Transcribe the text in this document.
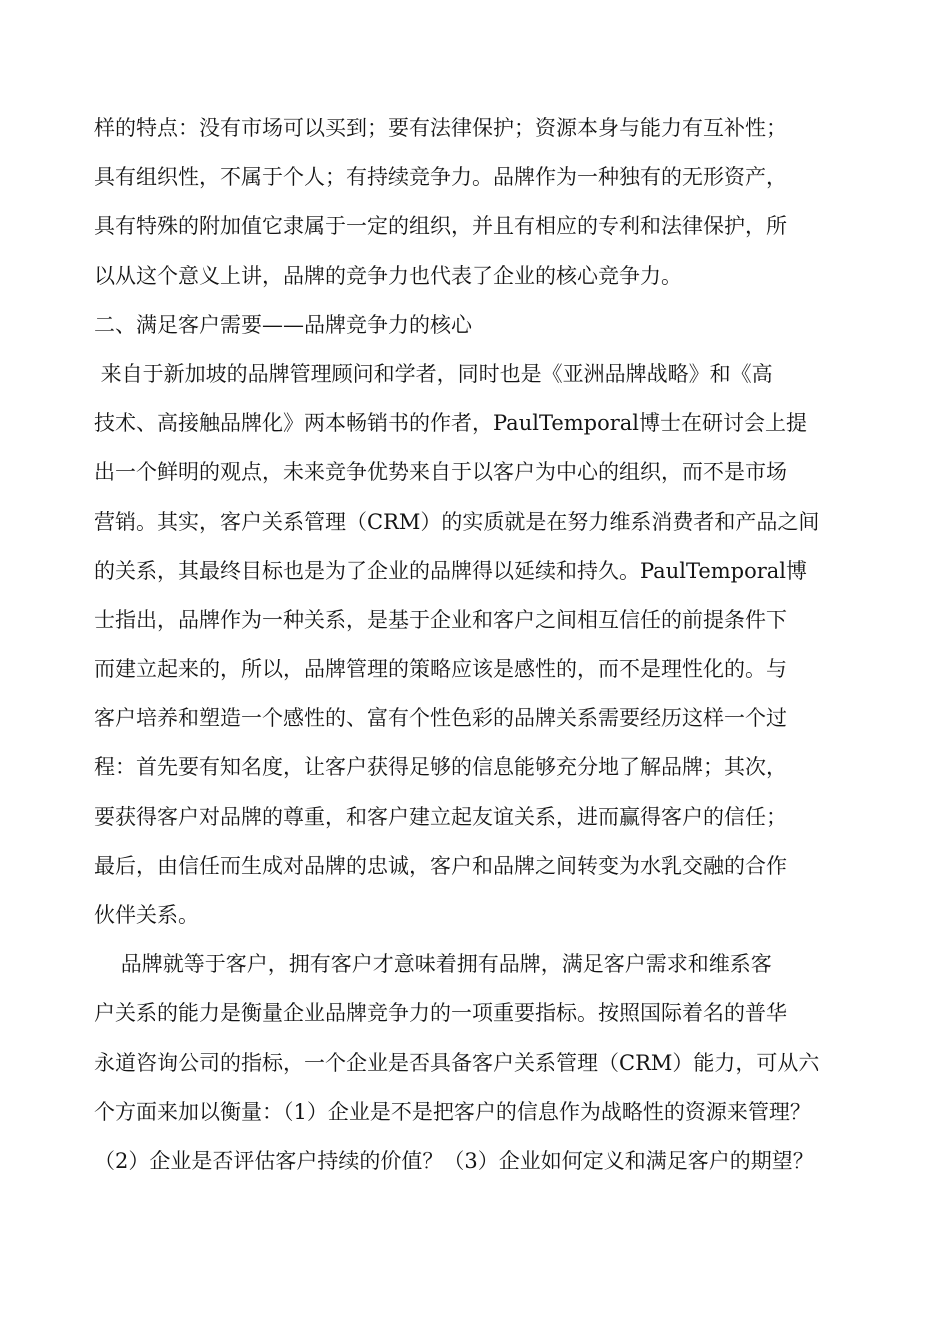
样的特点：没有市场可以买到；要有法律保护；资源本身与能力有互补性；
具有组织性，不属于个人；有持续竞争力。品牌作为一种独有的无形资产，
具有特殊的附加值它隶属于一定的组织，并且有相应的专利和法律保护，所
以从这个意义上讲，品牌的竞争力也代表了企业的核心竞争力。
二、满足客户需要——品牌竞争力的核心
来自于新加坡的品牌管理顾问和学者，同时也是《亚洲品牌战略》和《高
技术、高接触品牌化》两本畅销书的作者，PaulTemporal博士在研讨会上提
出一个鲜明的观点，未来竞争优势来自于以客户为中心的组织，而不是市场
营销。其实，客户关系管理（CRM）的实质就是在努力维系消费者和产品之间
的关系，其最终目标也是为了企业的品牌得以延续和持久。PaulTemporal博
士指出，品牌作为一种关系，是基于企业和客户之间相互信任的前提条件下
而建立起来的，所以，品牌管理的策略应该是感性的，而不是理性化的。与
客户培养和塑造一个感性的、富有个性色彩的品牌关系需要经历这样一个过
程：首先要有知名度，让客户获得足够的信息能够充分地了解品牌；其次，
要获得客户对品牌的尊重，和客户建立起友谊关系，进而赢得客户的信任；
最后，由信任而生成对品牌的忠诚，客户和品牌之间转变为水乳交融的合作
伙伴关系。
品牌就等于客户，拥有客户才意味着拥有品牌，满足客户需求和维系客
户关系的能力是衡量企业品牌竞争力的一项重要指标。按照国际着名的普华
永道咨询公司的指标，一个企业是否具备客户关系管理（CRM）能力，可从六
个方面来加以衡量：（1）企业是不是把客户的信息作为战略性的资源来管理？
（2）企业是否评估客户持续的价值？（3）企业如何定义和满足客户的期望？
